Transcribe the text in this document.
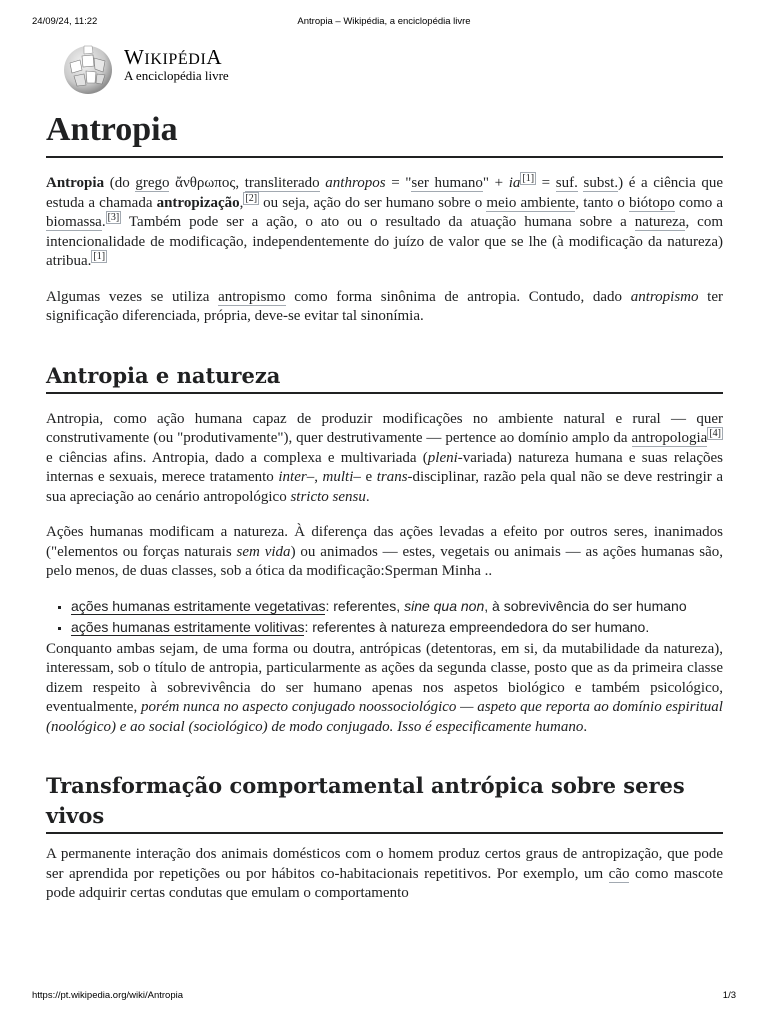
24/09/24, 11:22	Antropia – Wikipédia, a enciclopédia livre
WIKIPÉDIA
A enciclopédia livre
Antropia

Antropia (do grego ἄνθρωπος, transliterado anthropos = "ser humano" + ia [1] = suf. subst.) é a ciência que estuda a chamada antropização, [2] ou seja, ação do ser humano sobre o meio ambiente, tanto o biótopo como a biomassa. [3] Também pode ser a ação, o ato ou o resultado da atuação humana sobre a natureza, com intencionalidade de modificação, independentemente do juízo de valor que se lhe (à modificação da natureza) atribua. [1]

Algumas vezes se utiliza antropismo como forma sinônima de antropia. Contudo, dado antropismo ter significação diferenciada, própria, deve-se evitar tal sinonímia.

Antropia e natureza

Antropia, como ação humana capaz de produzir modificações no ambiente natural e rural — quer construtivamente (ou "produtivamente"), quer destrutivamente — pertence ao domínio amplo da antropologia [4] e ciências afins. Antropia, dado a complexa e multivariada (pleni-variada) natureza humana e suas relações internas e sexuais, merece tratamento inter–, multi– e trans-disciplinar, razão pela qual não se deve restringir a sua apreciação ao cenário antropológico stricto sensu.

Ações humanas modificam a natureza. À diferença das ações levadas a efeito por outros seres, inanimados ("elementos ou forças naturais sem vida) ou animados — estes, vegetais ou animais — as ações humanas são, pelo menos, de duas classes, sob a ótica da modificação:Sperman Minha ..

▪ ações humanas estritamente vegetativas: referentes, sine qua non, à sobrevivência do ser humano
▪ ações humanas estritamente volitivas: referentes à natureza empreendedora do ser humano.

Conquanto ambas sejam, de uma forma ou doutra, antrópicas (detentoras, em si, da mutabilidade da natureza), interessam, sob o título de antropia, particularmente as ações da segunda classe, posto que as da primeira classe dizem respeito à sobrevivência do ser humano apenas nos aspetos biológico e também psicológico, eventualmente, porém nunca no aspecto conjugado noossociológico — aspeto que reporta ao domínio espiritual (noológico) e ao social (sociológico) de modo conjugado. Isso é especificamente humano.

Transformação comportamental antrópica sobre seres vivos

A permanente interação dos animais domésticos com o homem produz certos graus de antropização, que pode ser aprendida por repetições ou por hábitos co-habitacionais repetitivos. Por exemplo, um cão como mascote pode adquirir certas condutas que emulam o comportamento

https://pt.wikipedia.org/wiki/Antropia	1/3
